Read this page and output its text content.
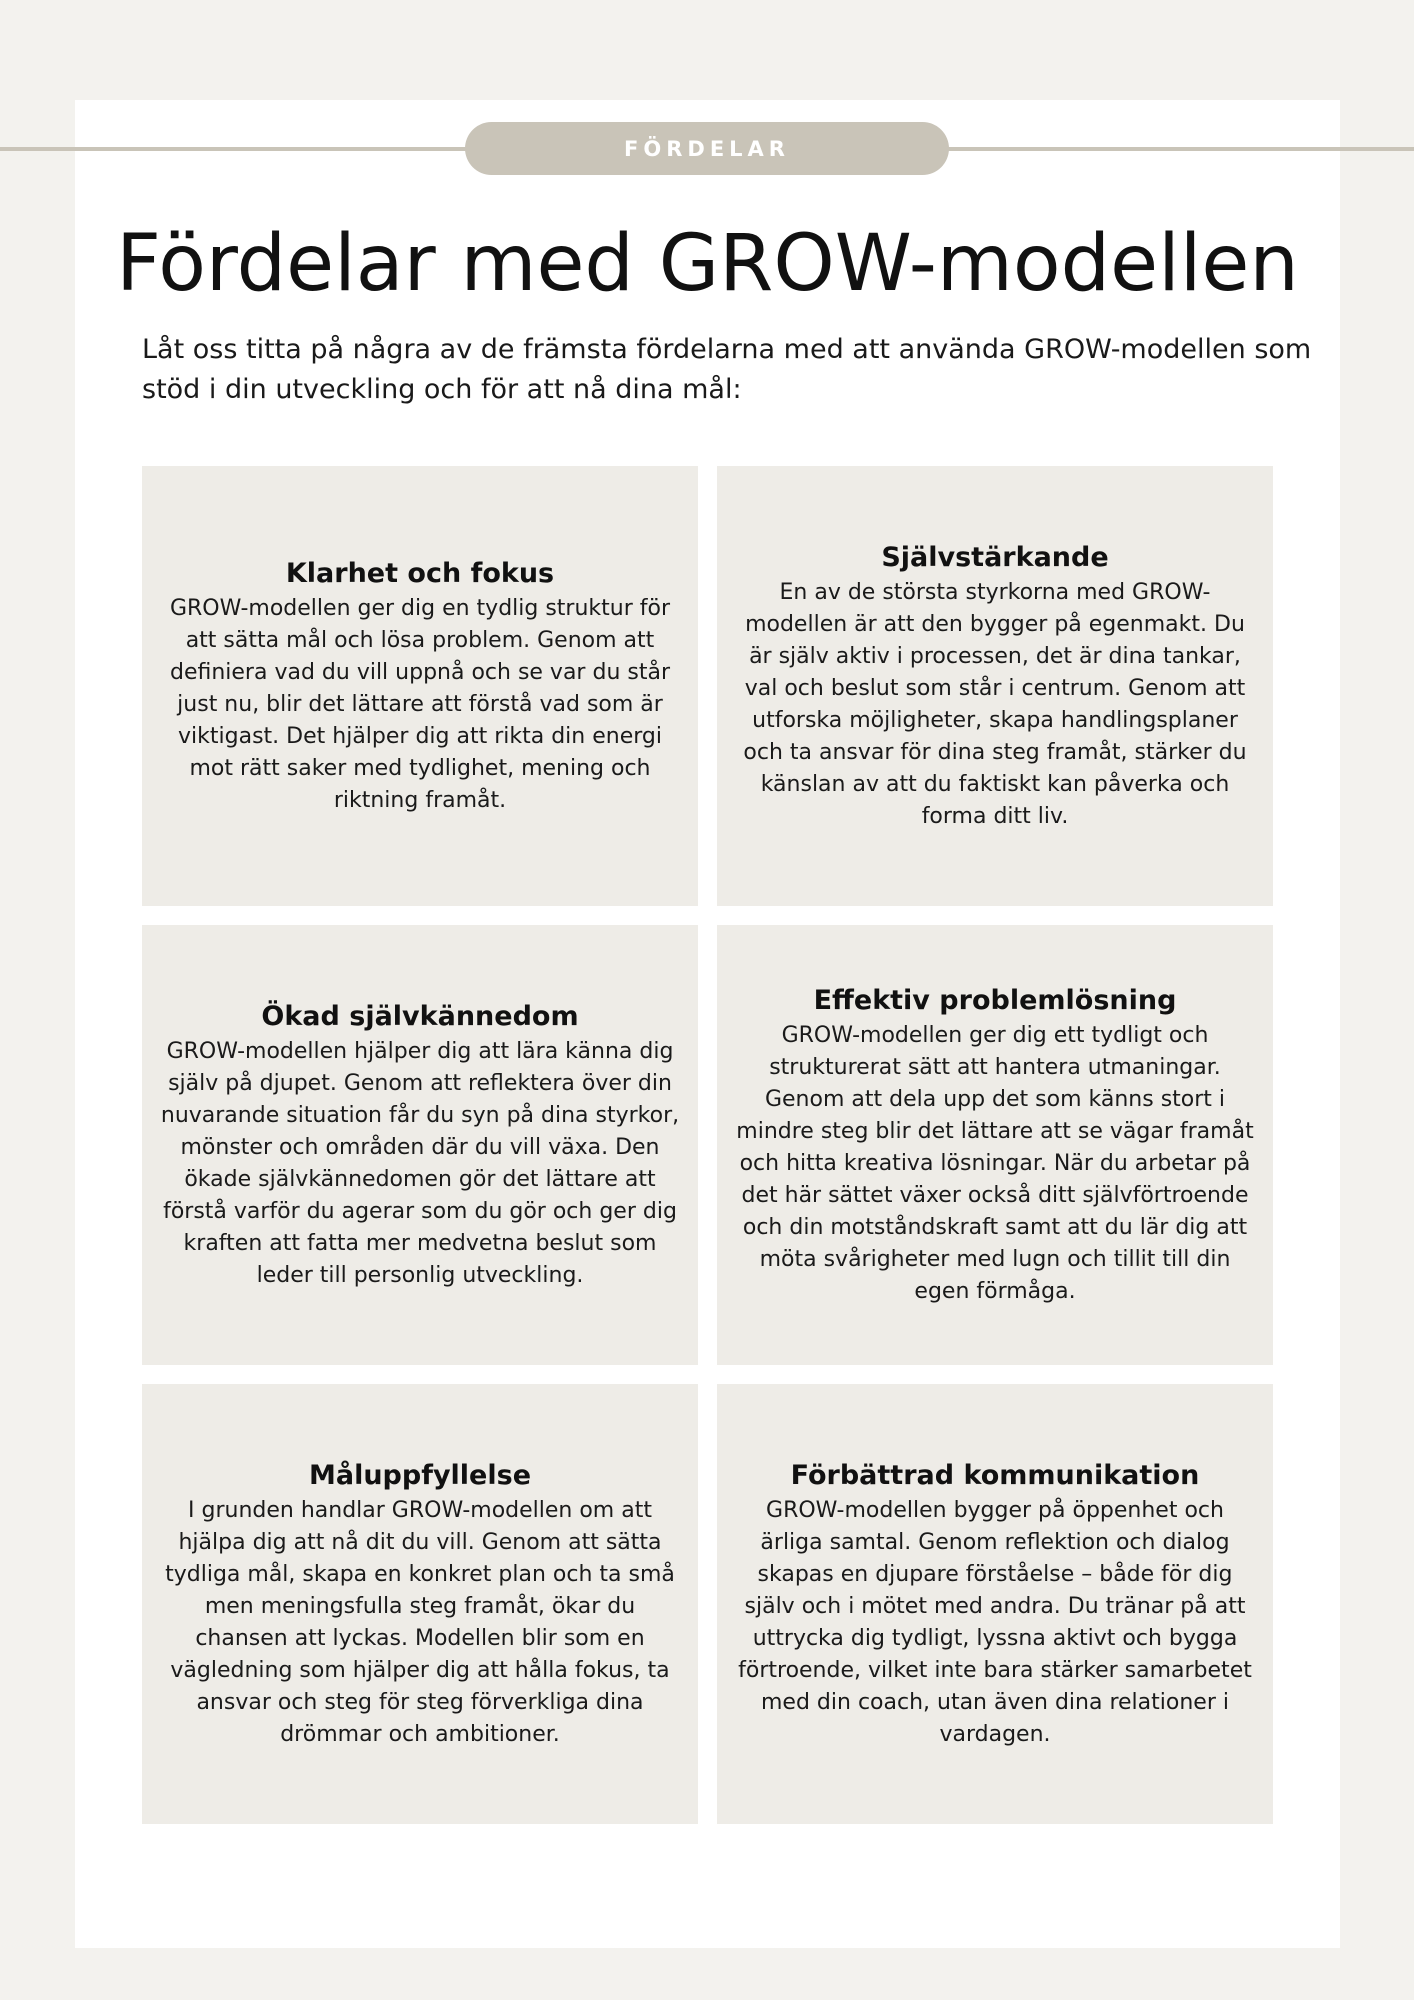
FÖRDELAR
Fördelar med GROW-modellen

Låt oss titta på några av de främsta fördelarna med att använda GROW-modellen som stöd i din utveckling och för att nå dina mål:

Klarhet och fokus

GROW-modellen ger dig en tydlig struktur för att sätta mål och lösa problem. Genom att definiera vad du vill uppnå och se var du står just nu, blir det lättare att förstå vad som är viktigast. Det hjälper dig att rikta din energi mot rätt saker med tydlighet, mening och riktning framåt.

Självstärkande

En av de största styrkorna med GROW-modellen är att den bygger på egenmakt. Du är själv aktiv i processen, det är dina tankar, val och beslut som står i centrum. Genom att utforska möjligheter, skapa handlingsplaner och ta ansvar för dina steg framåt, stärker du känslan av att du faktiskt kan påverka och forma ditt liv.

Ökad självkännedom

GROW-modellen hjälper dig att lära känna dig själv på djupet. Genom att reflektera över din nuvarande situation får du syn på dina styrkor, mönster och områden där du vill växa. Den ökade självkännedomen gör det lättare att förstå varför du agerar som du gör och ger dig kraften att fatta mer medvetna beslut som leder till personlig utveckling.

Effektiv problemlösning

GROW-modellen ger dig ett tydligt och strukturerat sätt att hantera utmaningar. Genom att dela upp det som känns stort i mindre steg blir det lättare att se vägar framåt och hitta kreativa lösningar. När du arbetar på det här sättet växer också ditt självförtroende och din motståndskraft samt att du lär dig att möta svårigheter med lugn och tillit till din egen förmåga.

Måluppfyllelse

I grunden handlar GROW-modellen om att hjälpa dig att nå dit du vill. Genom att sätta tydliga mål, skapa en konkret plan och ta små men meningsfulla steg framåt, ökar du chansen att lyckas. Modellen blir som en vägledning som hjälper dig att hålla fokus, ta ansvar och steg för steg förverkliga dina drömmar och ambitioner.

Förbättrad kommunikation

GROW-modellen bygger på öppenhet och ärliga samtal. Genom reflektion och dialog skapas en djupare förståelse – både för dig själv och i mötet med andra. Du tränar på att uttrycka dig tydligt, lyssna aktivt och bygga förtroende, vilket inte bara stärker samarbetet med din coach, utan även dina relationer i vardagen.
